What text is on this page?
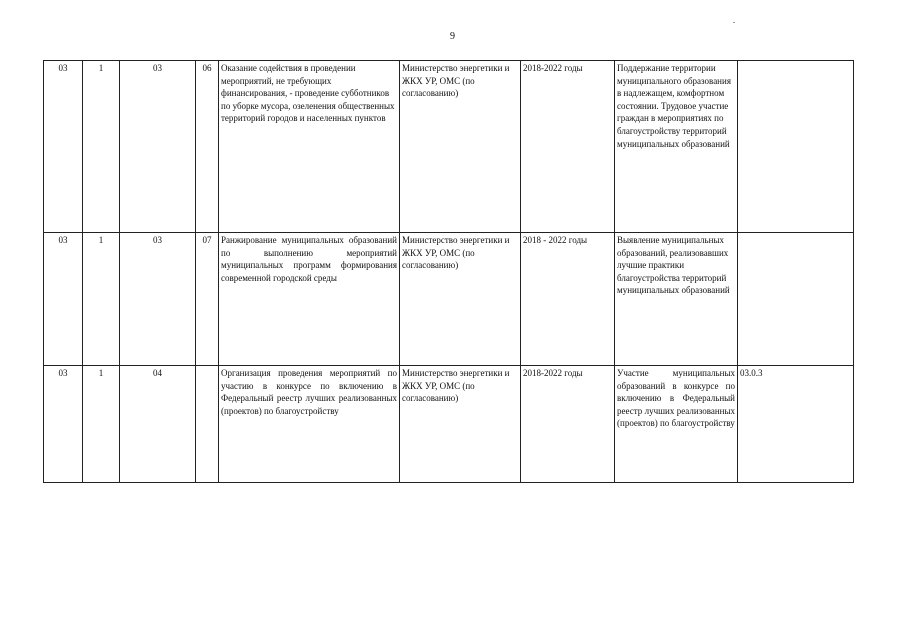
9
03	1	03	06	Оказание содействия в проведении мероприятий, не требующих финансирования, - проведение субботников по уборке мусора, озеленения общественных территорий городов и населенных пунктов	Министерство энергетики и ЖКХ УР, ОМС (по согласованию)	2018-2022 годы	Поддержание территории муниципального образования в надлежащем, комфортном состоянии. Трудовое участие граждан в мероприятиях по благоустройству территорий муниципальных образований	
03	1	03	07	Ранжирование муниципальных образований по выполнению мероприятий муниципальных программ формирования современной городской среды	Министерство энергетики и ЖКХ УР, ОМС (по согласованию)	2018 - 2022 годы	Выявление муниципальных образований, реализовавших лучшие практики благоустройства территорий муниципальных образований	
03	1	04		Организация проведения мероприятий по участию в конкурсе по включению в Федеральный реестр лучших реализованных (проектов) по благоустройству	Министерство энергетики и ЖКХ УР, ОМС (по согласованию)	2018-2022 годы	Участие муниципальных образований в конкурсе по включению в Федеральный реестр лучших реализованных (проектов) по благоустройству	03.0.3
